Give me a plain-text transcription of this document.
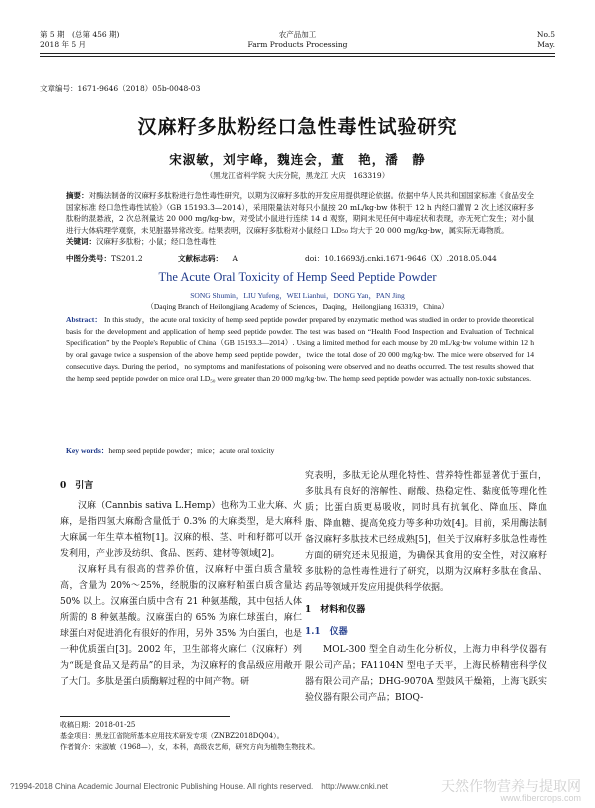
第 5 期　(总第 456 期)
2018 年 5 月
农产品加工
Farm Products Processing
No.5
May.
文章编号：1671-9646（2018）05b-0048-03
汉麻籽多肽粉经口急性毒性试验研究
宋淑敏，刘宇峰，魏连会，董　艳，潘　静
（黑龙江省科学院 大庆分院，黑龙江 大庆　163319）
摘要：对酶法制备的汉麻籽多肽粉进行急性毒性研究，以期为汉麻籽多肽的开发应用提供理论依据。依据中华人民共和国国家标准《食品安全国家标准 经口急性毒性试验》（GB 15193.3—2014），采用限量法对每只小鼠按 20 mL/kg·bw 体积于 12 h 内经口灌胃 2 次上述汉麻籽多肽粉的混悬液，2 次总剂量达 20 000 mg/kg·bw，对受试小鼠进行连续 14 d 观察，期间未见任何中毒症状和表现，亦无死亡发生；对小鼠进行大体病理学观察，未见脏器异常改变。结果表明，汉麻籽多肽粉对小鼠经口 LD₅₀ 均大于 20 000 mg/kg·bw，属实际无毒物质。
关键词：汉麻籽多肽粉；小鼠；经口急性毒性
中图分类号：TS201.2	文献标志码： A	doi：10.16693/j.cnki.1671-9646（X）.2018.05.044
The Acute Oral Toxicity of Hemp Seed Peptide Powder
SONG Shumin，LIU Yufeng，WEI Lianhui，DONG Yan，PAN Jing
（Daqing Branch of Heilongjiang Academy of Sciences，Daqing，Heilongjiang 163319，China）
Abstract： In this study，the acute oral toxicity of hemp seed peptide powder prepared by enzymatic method was studied in order to provide theoretical basis for the development and application of hemp seed peptide powder. The test was based on “Health Food Inspection and Evaluation of Technical Specification” by the People's Republic of China（GB 15193.3—2014）. Using a limited method for each mouse by 20 mL/kg·bw volume within 12 h by oral gavage twice a suspension of the above hemp seed peptide powder，twice the total dose of 20 000 mg/kg·bw. The mice were observed for 14 consecutive days. During the period，no symptoms and manifestations of poisoning were observed and no deaths occurred. The test results showed that the hemp seed peptide powder on mice oral LD₅₀ were greater than 20 000 mg/kg·bw. The hemp seed peptide powder was actually non-toxic substances.
Key words：hemp seed peptide powder；mice；acute oral toxicity
0　引言

汉麻（Cannbis sativa L.Hemp）也称为工业大麻、火麻，是指四氢大麻酚含量低于 0.3% 的大麻类型，是大麻科大麻属一年生草本植物[1]。汉麻的根、茎、叶和籽都可以开发利用，产业涉及纺织、食品、医药、建材等领域[2]。

汉麻籽具有很高的营养价值，汉麻籽中蛋白质含量较高，含量为 20%～25%，经脱脂的汉麻籽粕蛋白质含量达 50% 以上。汉麻蛋白质中含有 21 种氨基酸，其中包括人体所需的 8 种氨基酸。汉麻蛋白的 65% 为麻仁球蛋白，麻仁球蛋白对促进消化有很好的作用，另外 35% 为白蛋白，也是一种优质蛋白[3]。2002 年，卫生部将火麻仁（汉麻籽）列为“既是食品又是药品”的目录，为汉麻籽的食品级应用敞开了大门。多肽是蛋白质酶解过程的中间产物。研

究表明，多肽无论从理化特性、营养特性都显著优于蛋白，多肽具有良好的溶解性、耐酸、热稳定性、黏度低等理化性质；比蛋白质更易吸收，同时具有抗氧化、降血压、降血脂、降血糖、提高免疫力等多种功效[4]。目前，采用酶法制备汉麻籽多肽技术已经成熟[5]，但关于汉麻籽多肽急性毒性方面的研究还未见报道，为确保其食用的安全性，对汉麻籽多肽粉的急性毒性进行了研究，以期为汉麻籽多肽在食品、药品等领域开发应用提供科学依据。

1　材料和仪器
1.1　仪器

MOL-300 型全自动生化分析仪，上海力申科学仪器有限公司产品；FA1104N 型电子天平，上海民桥精密科学仪器有限公司产品；DHG-9070A 型鼓风干燥箱，上海飞跃实验仪器有限公司产品；BIOQ-

收稿日期：2018-01-25
基金项目：黑龙江省院所基本应用技术研发专项（ZNBZ2018DQ04）。
作者简介：宋淑敏（1968—），女，本科，高级农艺师，研究方向为植物生物技术。
?1994-2018 China Academic Journal Electronic Publishing House. All rights reserved.　http://www.cnki.net	天然作物营养与提取网
www.fibercrops.com
